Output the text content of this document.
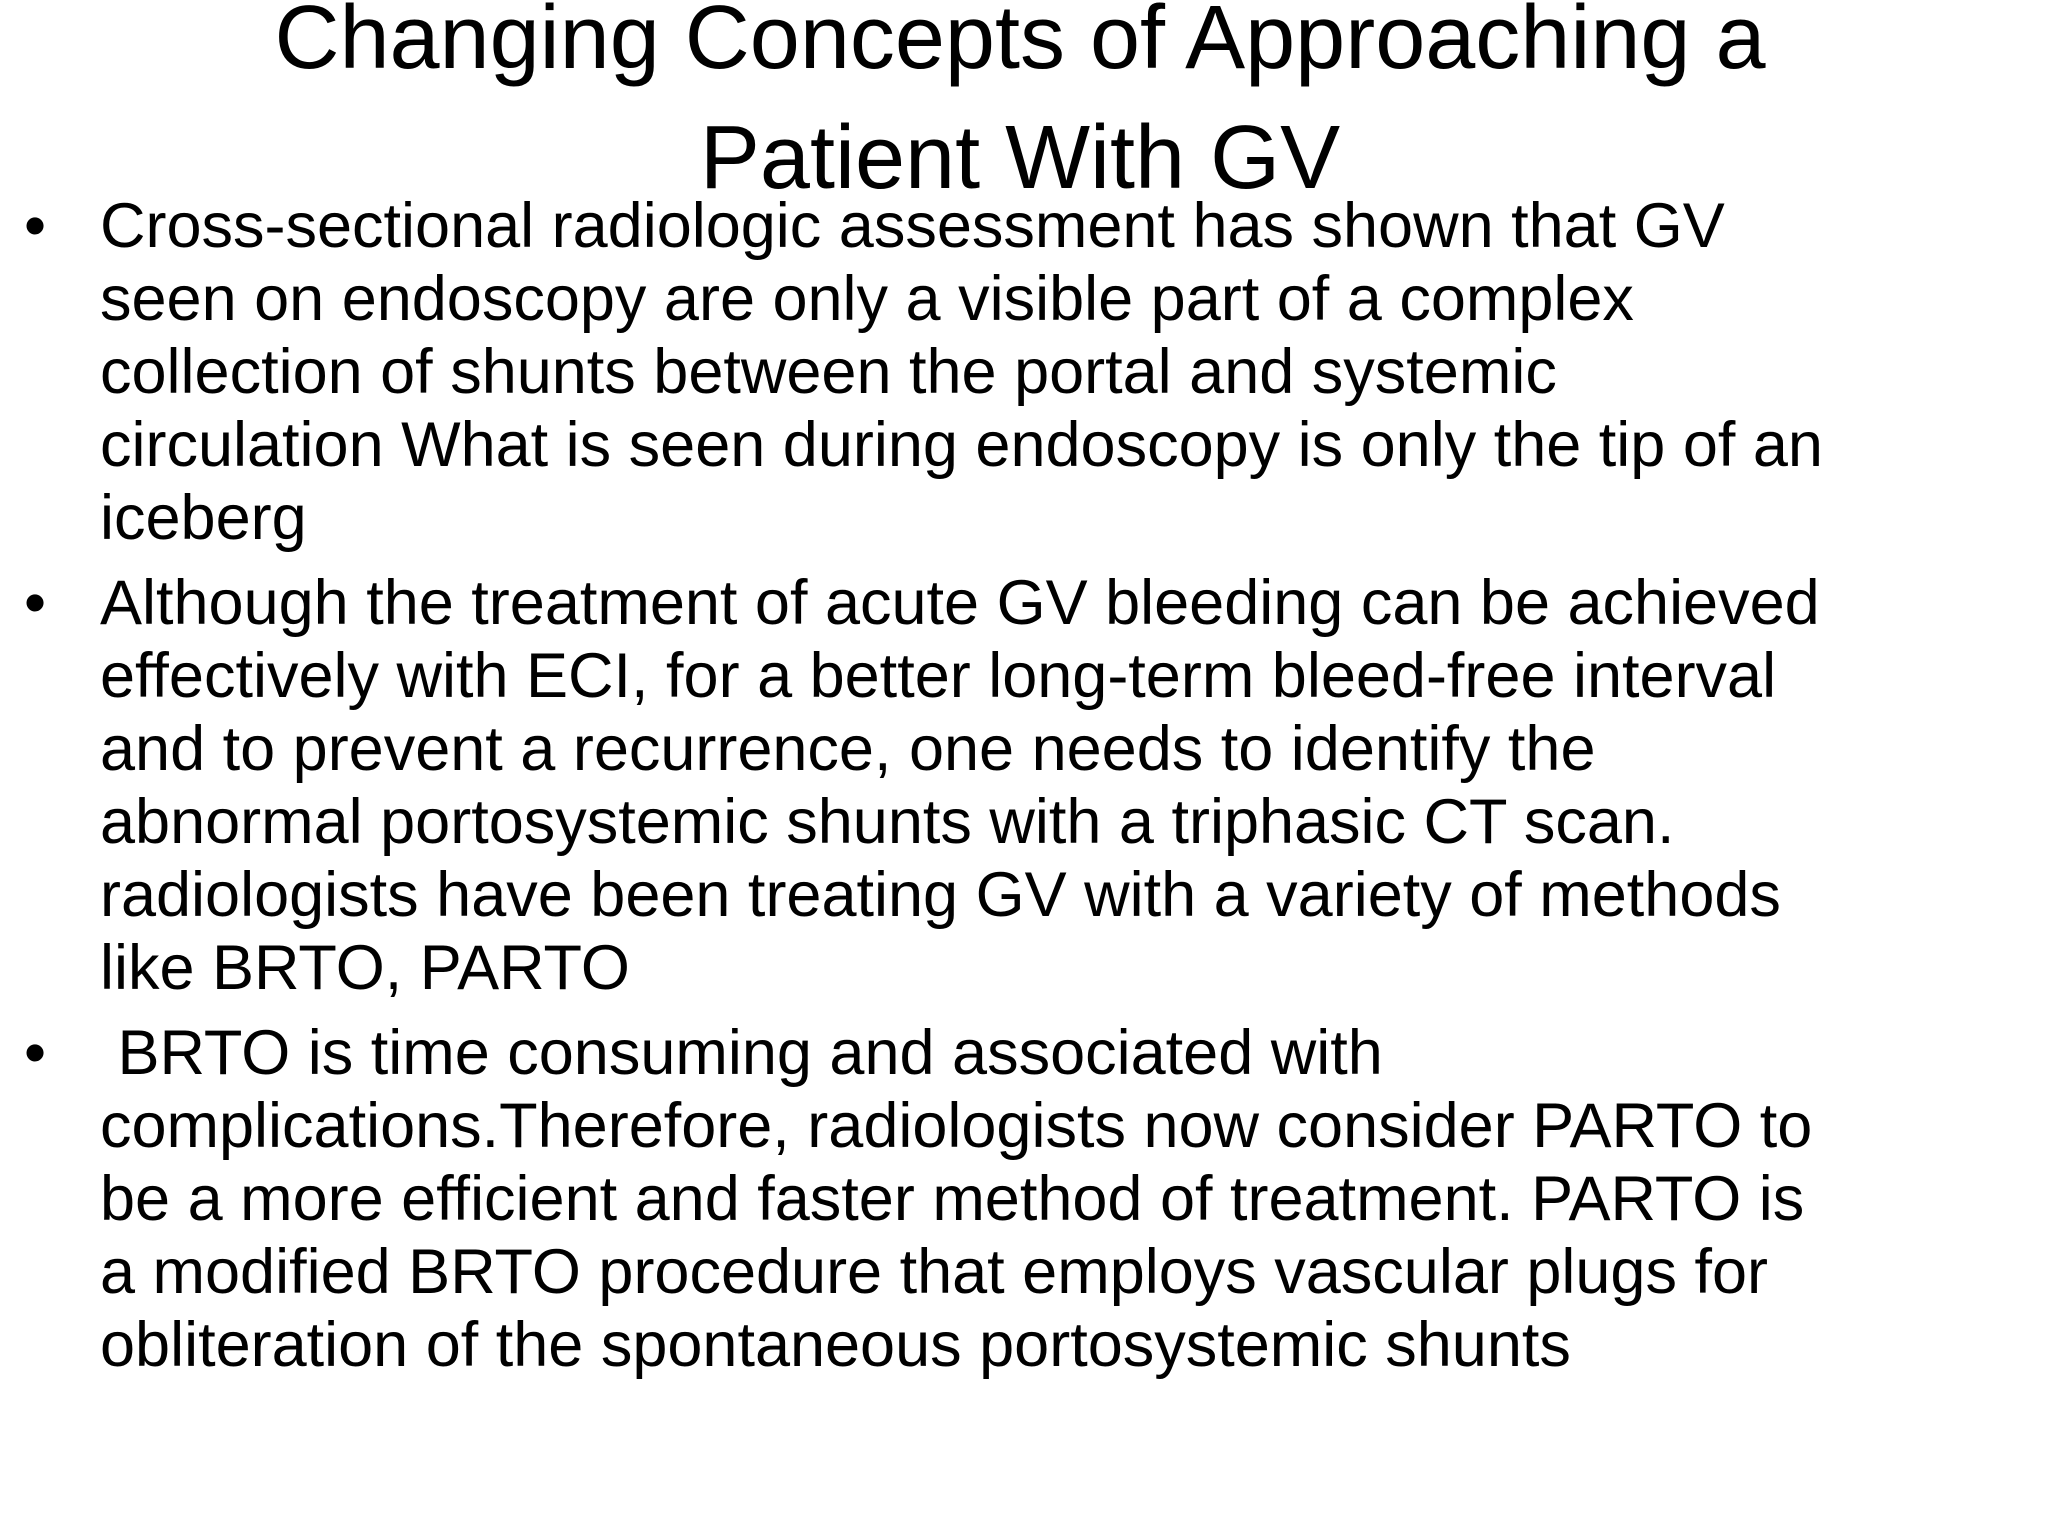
Changing Concepts of Approaching a
Patient With GV
• Cross-sectional radiologic assessment has shown that GV
seen on endoscopy are only a visible part of a complex
collection of shunts between the portal and systemic
circulation What is seen during endoscopy is only the tip of an
iceberg
• Although the treatment of acute GV bleeding can be achieved
effectively with ECI, for a better long-term bleed-free interval
and to prevent a recurrence, one needs to identify the
abnormal portosystemic shunts with a triphasic CT scan.
radiologists have been treating GV with a variety of methods
like BRTO, PARTO
• BRTO is time consuming and associated with
complications.Therefore, radiologists now consider PARTO to
be a more efficient and faster method of treatment. PARTO is
a modified BRTO procedure that employs vascular plugs for
obliteration of the spontaneous portosystemic shunts
